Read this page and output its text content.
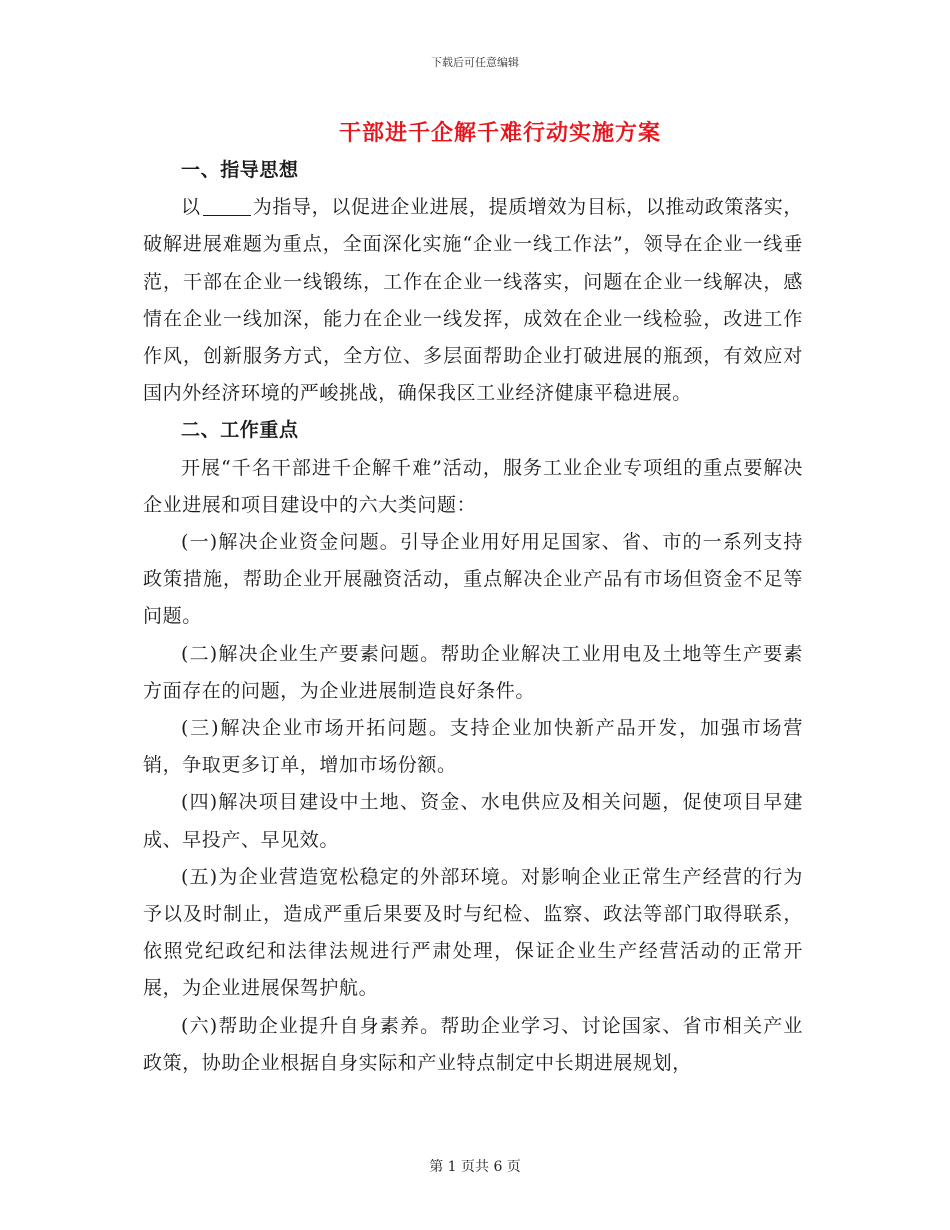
下载后可任意编辑
干部进千企解千难行动实施方案
一、指导思想

以	为指导，以促进企业进展，提质增效为目标，以推动政策落实，破解进展难题为重点，全面深化实施“企业一线工作法”，领导在企业一线垂范，干部在企业一线锻练，工作在企业一线落实，问题在企业一线解决，感情在企业一线加深，能力在企业一线发挥，成效在企业一线检验，改进工作作风，创新服务方式，全方位、多层面帮助企业打破进展的瓶颈，有效应对国内外经济环境的严峻挑战，确保我区工业经济健康平稳进展。

二、工作重点

开展“千名干部进千企解千难”活动，服务工业企业专项组的重点要解决企业进展和项目建设中的六大类问题：

(一)解决企业资金问题。引导企业用好用足国家、省、市的一系列支持政策措施，帮助企业开展融资活动，重点解决企业产品有市场但资金不足等问题。

(二)解决企业生产要素问题。帮助企业解决工业用电及土地等生产要素方面存在的问题，为企业进展制造良好条件。

(三)解决企业市场开拓问题。支持企业加快新产品开发，加强市场营销，争取更多订单，增加市场份额。

(四)解决项目建设中土地、资金、水电供应及相关问题，促使项目早建成、早投产、早见效。

(五)为企业营造宽松稳定的外部环境。对影响企业正常生产经营的行为予以及时制止，造成严重后果要及时与纪检、监察、政法等部门取得联系，依照党纪政纪和法律法规进行严肃处理，保证企业生产经营活动的正常开展，为企业进展保驾护航。

(六)帮助企业提升自身素养。帮助企业学习、讨论国家、省市相关产业政策，协助企业根据自身实际和产业特点制定中长期进展规划，

第 1 页共 6 页
